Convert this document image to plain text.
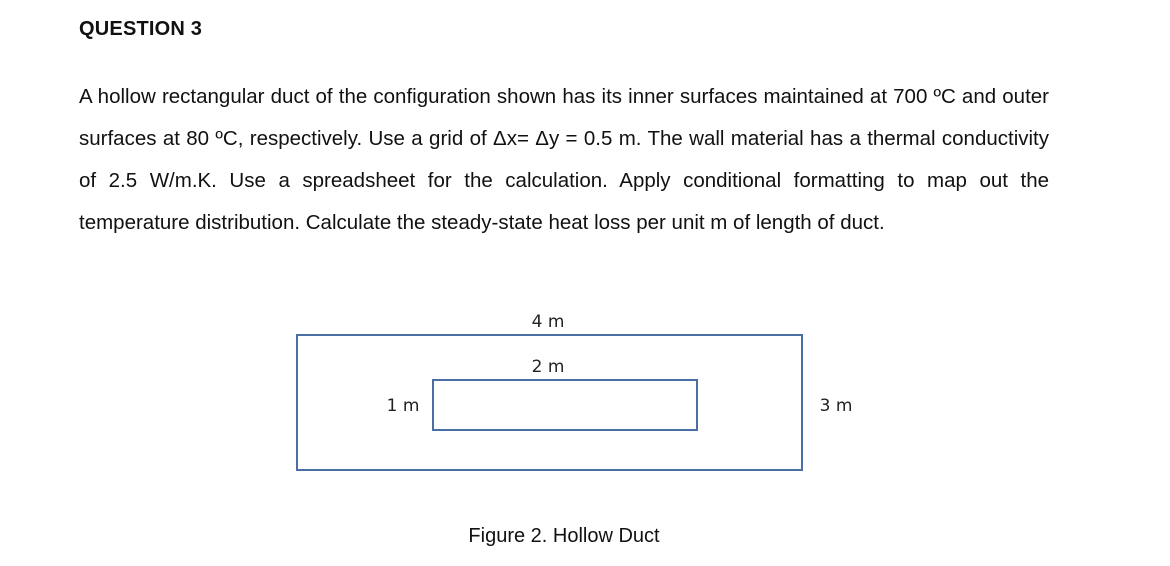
QUESTION 3

A hollow rectangular duct of the configuration shown has its inner surfaces maintained at 700 ºC and outer surfaces at 80 ºC, respectively. Use a grid of Δx= Δy = 0.5 m. The wall material has a thermal conductivity of 2.5 W/m.K. Use a spreadsheet for the calculation. Apply conditional formatting to map out the temperature distribution. Calculate the steady-state heat loss per unit m of length of duct.

4 m
2 m
1 m	3 m

Figure 2. Hollow Duct
